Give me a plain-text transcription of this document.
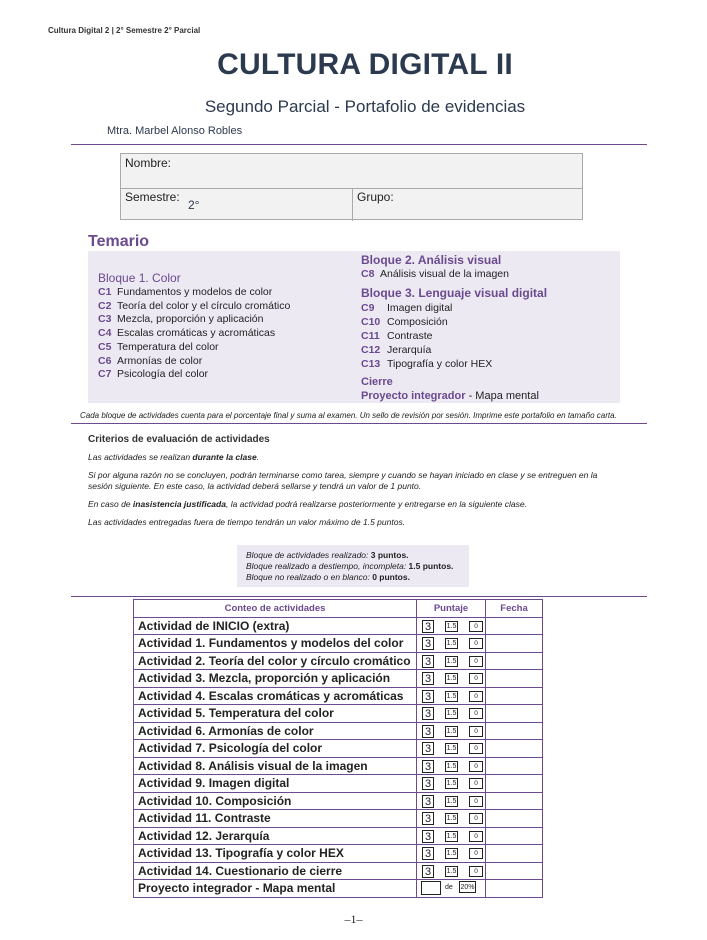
Cultura Digital 2 | 2° Semestre 2° Parcial
CULTURA DIGITAL II
Segundo Parcial - Portafolio de evidencias
Mtra. Marbel Alonso Robles
Nombre:
Semestre:
2°
Grupo:
Temario
Bloque 1. Color
C1 Fundamentos y modelos de color
C2 Teoría del color y el círculo cromático
C3 Mezcla, proporción y aplicación
C4 Escalas cromáticas y acromáticas
C5 Temperatura del color
C6 Armonías de color
C7 Psicología del color
Bloque 2. Análisis visual
C8 Análisis visual de la imagen
Bloque 3. Lenguaje visual digital
C9 Imagen digital
C10 Composición
C11 Contraste
C12 Jerarquía
C13 Tipografía y color HEX
Cierre
Proyecto integrador - Mapa mental
Cada bloque de actividades cuenta para el porcentaje final y suma al examen. Un sello de revisión por sesión. Imprime este portafolio en tamaño carta.
Criterios de evaluación de actividades
Las actividades se realizan durante la clase.
Si por alguna razón no se concluyen, podrán terminarse como tarea, siempre y cuando se hayan iniciado en clase y se entreguen en la sesión siguiente. En este caso, la actividad deberá sellarse y tendrá un valor de 1 punto.
En caso de inasistencia justificada, la actividad podrá realizarse posteriormente y entregarse en la siguiente clase.
Las actividades entregadas fuera de tiempo tendrán un valor máximo de 1.5 puntos.
Bloque de actividades realizado: 3 puntos.
Bloque realizado a destiempo, incompleta: 1.5 puntos.
Bloque no realizado o en blanco: 0 puntos.
Conteo de actividades	Puntaje	Fecha
Actividad de INICIO (extra)	3 1.5 0	

Actividad 1. Fundamentos y modelos del color	3 1.5 0	

Actividad 2. Teoría del color y círculo cromático	3 1.5 0	

Actividad 3. Mezcla, proporción y aplicación	3 1.5 0	

Actividad 4. Escalas cromáticas y acromáticas	3 1.5 0	

Actividad 5. Temperatura del color	3 1.5 0	

Actividad 6. Armonías de color	3 1.5 0	

Actividad 7. Psicología del color	3 1.5 0	

Actividad 8. Análisis visual de la imagen	3 1.5 0	

Actividad 9. Imagen digital	3 1.5 0	

Actividad 10. Composición	3 1.5 0	

Actividad 11. Contraste	3 1.5 0	

Actividad 12. Jerarquía	3 1.5 0	

Actividad 13. Tipografía y color HEX	3 1.5 0	

Actividad 14. Cuestionario de cierre	3 1.5 0	

Proyecto integrador - Mapa mental	de 20%	

–1–
